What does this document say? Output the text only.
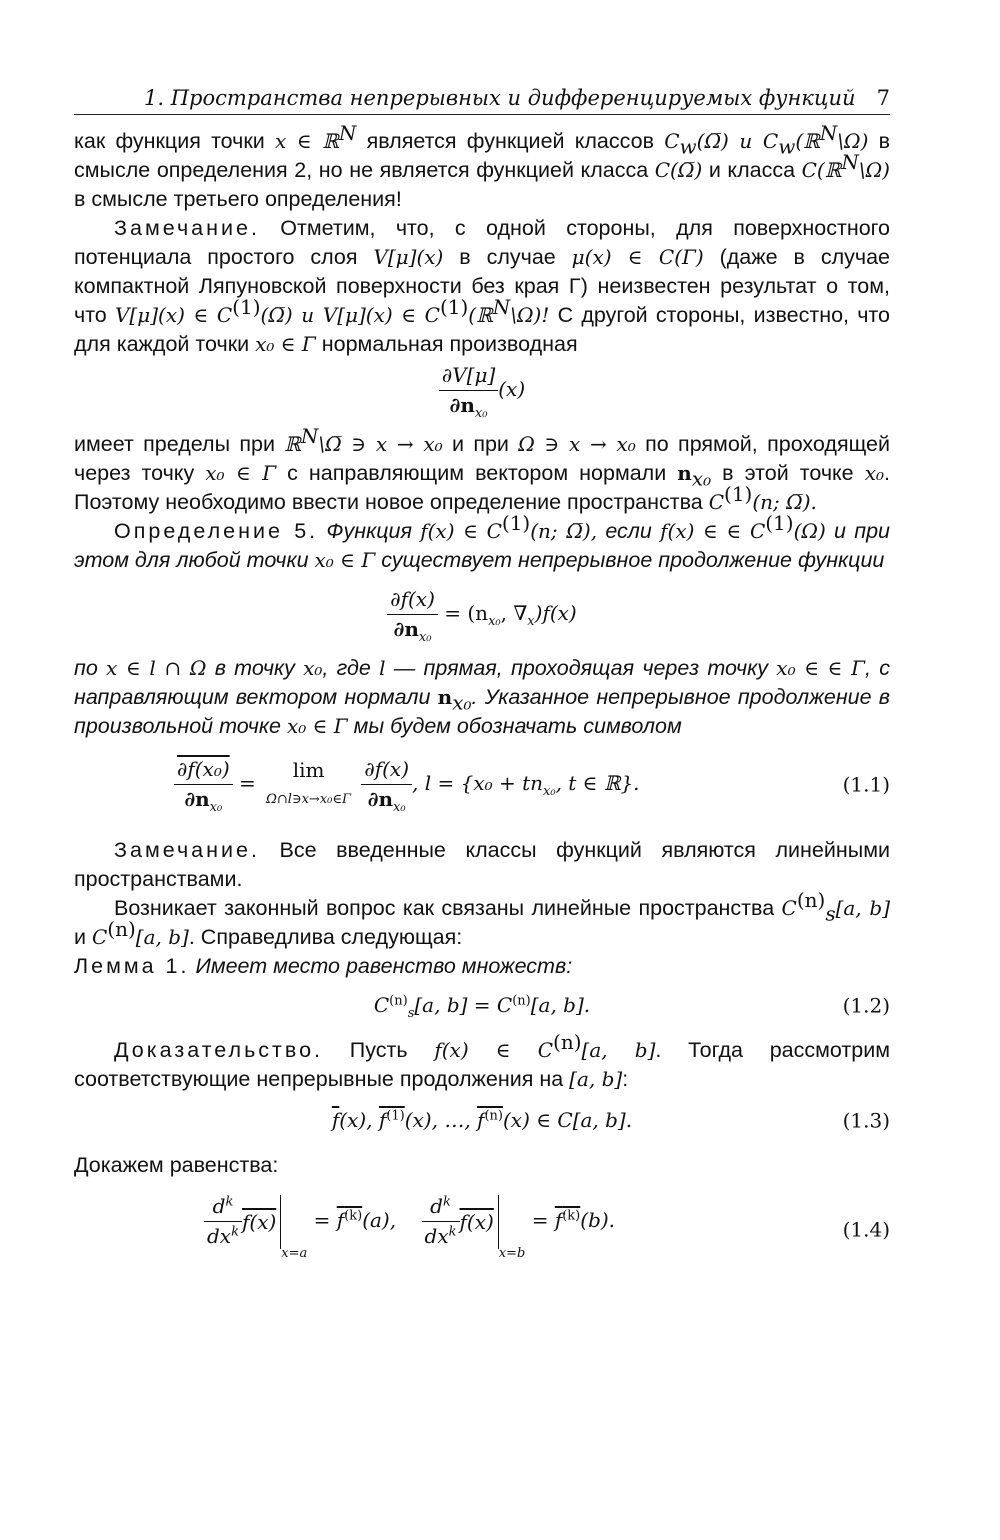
1. Пространства непрерывных и дифференцируемых функций 7

как функция точки x ∈ ℝ$^N$ является функцией классов $C_w(\Omega̅)$ и $C_w(ℝ^N\backslash\Omega)$ в смысле определения 2, но не является функцией класса C(Ω̅) и класса C(ℝ$^N$\Ω) в смысле третьего определения!

Замечание. Отметим, что, с одной стороны, для поверхностного потенциала простого слоя V[μ](x) в случае μ(x) ∈ C(Γ) (даже в случае компактной Ляпуновской поверхности без края Γ) неизвестен результат о том, что V[μ](x) ∈ $C^{(1)}(\Omega̅)$ и V[μ](x) ∈ $C^{(1)}(ℝ^N\backslash\Omega)$! С другой стороны, известно, что для каждой точки x₀ ∈ Γ нормальная производная

$\frac{\partial V[\mu]}{\partial n_{x_0}} (x)$

имеет пределы при ℝ$^N$\Ω̅ ∋ x → x₀ и при Ω ∋ x → x₀ по прямой, проходящей через точку x₀ ∈ Γ с направляющим вектором нормали $n_{x_0}$ в этой точке x₀. Поэтому необходимо ввести новое определение пространства $C^{(1)}(n$; Ω̅).

Определение 5. Функция f(x) ∈ $C^{(1)}(n$; Ω̅), если f(x) ∈ ∈ $C^{(1)}(\Omega)$ и при этом для любой точки x₀ ∈ Γ существует непрерывное продолжение функции

$\frac{\partial f(x)}{\partial n_{x_0}} = (n_{x_0}$, $\nabla_x)f(x)$

по x ∈ l ∩ Ω в точку x₀, где l — прямая, проходящая через точку x₀ ∈ ∈ Γ, с направляющим вектором нормали $n_{x_0}$. Указанное непрерывное продолжение в произвольной точке x₀ ∈ Γ мы будем обозначать символом

$\frac{\text{∂f(x₀)}}{\partial n_{x_0}} = \lim$
Ω∩l∋x→x₀∈Γ
$\frac{\partial f(x)}{\partial n_{x_0}}$ , $l = \{x_0 + tn_{x_0}$, t ∈ ℝ}.	(1.1)

Замечание. Все введенные классы функций являются линейными пространствами.

Возникает законный вопрос как связаны линейные пространства $C^{(n)}_s[a$, b] и $C^{(n)}[a$, b]. Справедлива следующая:

Лемма 1. Имеет место равенство множеств:

$C^{(n)}_s[a$, $b] = C^{(n)}[a$, b].	(1.2)

Доказательство. Пусть f(x) ∈ $C^{(n)}[a$, b]. Тогда рассмотрим соответствующие непрерывные продолжения на [a, b]:

$\overline{f}(x)$, $f^{(1)}(x)$, …, $f^{(n)}(x)$ ∈ C[a, b].	(1.3)

Докажем равенства:

$\frac{d^k}{dx^k} f(x)x=a = f^{(k)}(a)$, $\frac{d^k}{dx^k} f(x)x=b = f^{(k)}(b)$.	(1.4)
